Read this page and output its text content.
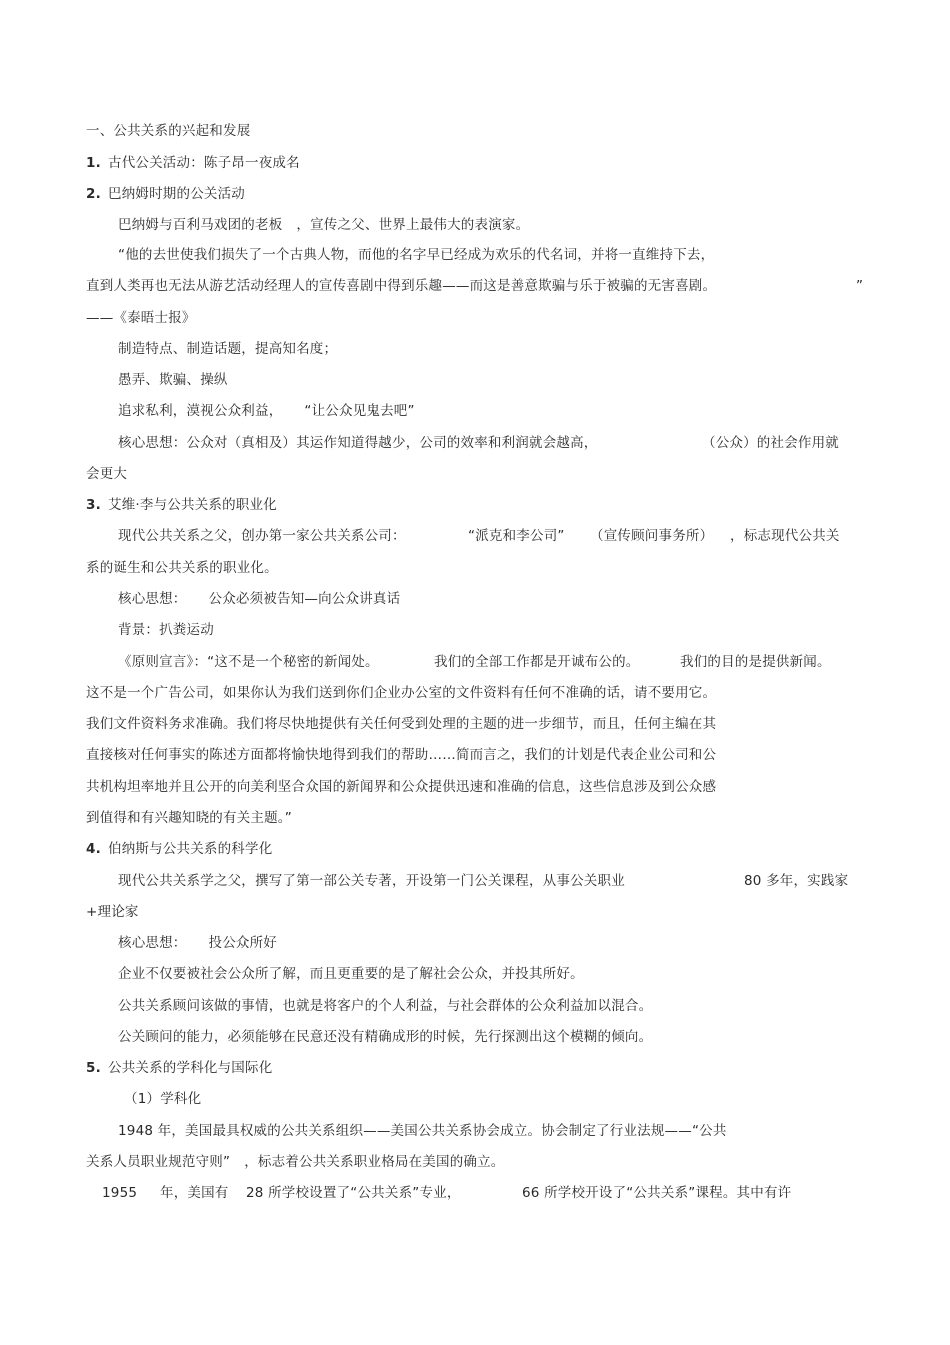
一、公共关系的兴起和发展
1. 古代公关活动：陈子昂一夜成名
2. 巴纳姆时期的公关活动
巴纳姆与百利马戏团的老板 ，宣传之父、世界上最伟大的表演家。
“他的去世使我们损失了一个古典人物，而他的名字早已经成为欢乐的代名词，并将一直维持下去，
直到人类再也无法从游艺活动经理人的宣传喜剧中得到乐趣——而这是善意欺骗与乐于被骗的无害喜剧。	”
——《泰晤士报》
制造特点、制造话题，提高知名度；
愚弄、欺骗、操纵
追求私利，漠视公众利益， “让公众见鬼去吧”
核心思想：公众对（真相及）其运作知道得越少，公司的效率和利润就会越高，	（公众）的社会作用就
会更大
3. 艾维·李与公共关系的职业化
现代公共关系之父，创办第一家公共关系公司：	“派克和李公司” （宣传顾问事务所） ，标志现代公共关
系的诞生和公共关系的职业化。
核心思想： 公众必须被告知—向公众讲真话
背景：扒粪运动
《原则宣言》：“这不是一个秘密的新闻处。	我们的全部工作都是开诚布公的。	我们的目的是提供新闻。
这不是一个广告公司，如果你认为我们送到你们企业办公室的文件资料有任何不准确的话，请不要用它。
我们文件资料务求准确。我们将尽快地提供有关任何受到处理的主题的进一步细节，而且，任何主编在其
直接核对任何事实的陈述方面都将愉快地得到我们的帮助……简而言之，我们的计划是代表企业公司和公
共机构坦率地并且公开的向美利坚合众国的新闻界和公众提供迅速和准确的信息，这些信息涉及到公众感
到值得和有兴趣知晓的有关主题。”
4. 伯纳斯与公共关系的科学化
现代公共关系学之父，撰写了第一部公关专著，开设第一门公关课程，从事公关职业	80 多年，实践家
+理论家
核心思想： 投公众所好
企业不仅要被社会公众所了解，而且更重要的是了解社会公众，并投其所好。
公共关系顾问该做的事情，也就是将客户的个人利益，与社会群体的公众利益加以混合。
公关顾问的能力，必须能够在民意还没有精确成形的时候，先行探测出这个模糊的倾向。
5. 公共关系的学科化与国际化
（1）学科化
1948 年，美国最具权威的公共关系组织——美国公共关系协会成立。协会制定了行业法规——“公共
关系人员职业规范守则” ，标志着公共关系职业格局在美国的确立。
1955 年，美国有 28 所学校设置了“公共关系”专业，	66 所学校开设了“公共关系”课程。其中有许
